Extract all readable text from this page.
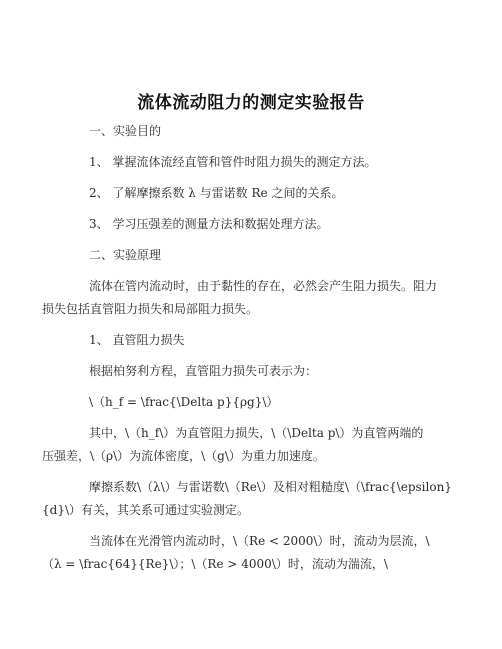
流体流动阻力的测定实验报告
一、实验目的
1、 掌握流体流经直管和管件时阻力损失的测定方法。
2、 了解摩擦系数 λ 与雷诺数 Re 之间的关系。
3、 学习压强差的测量方法和数据处理方法。
二、实验原理
流体在管内流动时，由于黏性的存在，必然会产生阻力损失。阻力
损失包括直管阻力损失和局部阻力损失。
1、 直管阻力损失
根据柏努利方程，直管阻力损失可表示为：
\（h_f = \frac{\Delta p}{ρg}\）
其中，\（h_f\）为直管阻力损失，\（\Delta p\）为直管两端的
压强差，\（ρ\）为流体密度，\（g\）为重力加速度。
摩擦系数\（λ\）与雷诺数\（Re\）及相对粗糙度\（\frac{\epsilon}
{d}\）有关，其关系可通过实验测定。
当流体在光滑管内流动时，\（Re < 2000\）时，流动为层流，\
（λ = \frac{64}{Re}\）；\（Re > 4000\）时，流动为湍流，\
